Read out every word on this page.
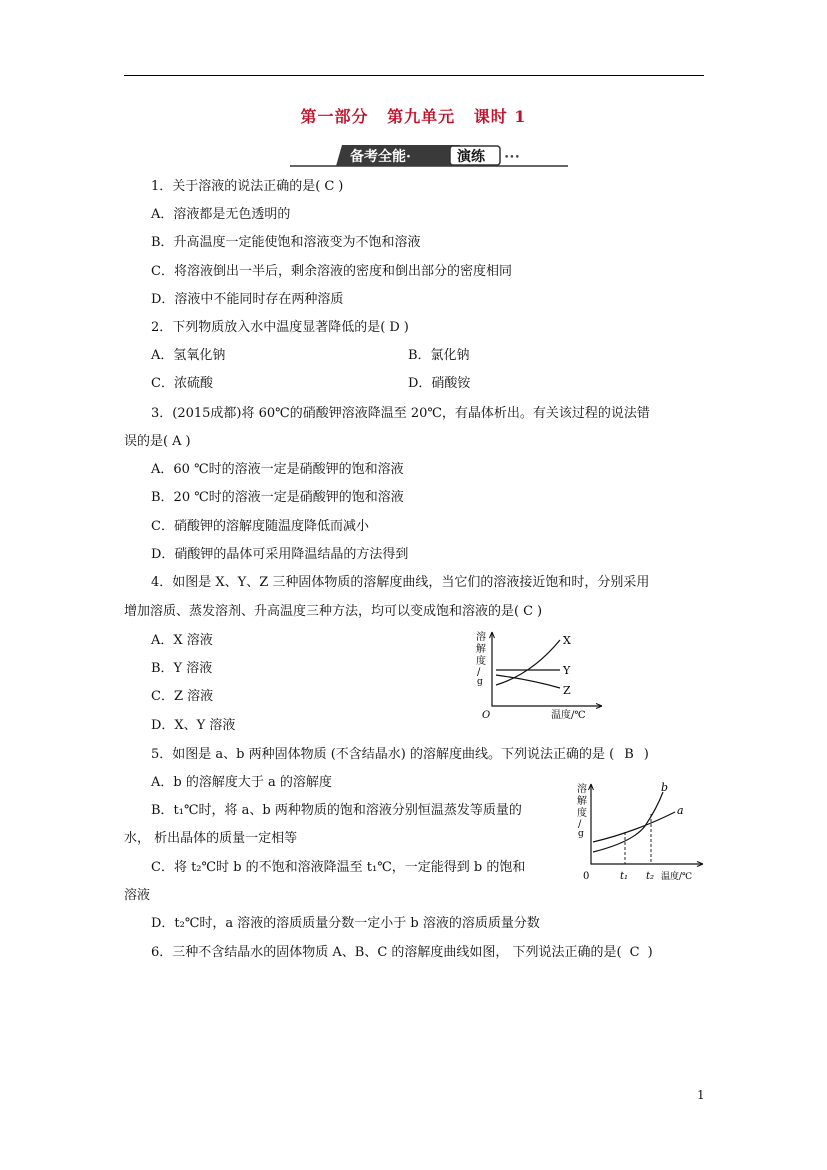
第一部分 第九单元 课时 1
备考全能·	演练 •••
1．关于溶液的说法正确的是( C )
A．溶液都是无色透明的
B．升高温度一定能使饱和溶液变为不饱和溶液
C．将溶液倒出一半后，剩余溶液的密度和倒出部分的密度相同
D．溶液中不能同时存在两种溶质
2．下列物质放入水中温度显著降低的是( D )
A．氢氧化钠	B．氯化钠
C．浓硫酸	D．硝酸铵
3．(2015成都)将 60℃的硝酸钾溶液降温至 20℃，有晶体析出。有关该过程的说法错
误的是( A )
A．60 ℃时的溶液一定是硝酸钾的饱和溶液
B．20 ℃时的溶液一定是硝酸钾的饱和溶液
C．硝酸钾的溶解度随温度降低而减小
D．硝酸钾的晶体可采用降温结晶的方法得到
4．如图是 X、Y、Z 三种固体物质的溶解度曲线，当它们的溶液接近饱和时，分别采用
增加溶质、蒸发溶剂、升高温度三种方法，均可以变成饱和溶液的是( C )
A．X 溶液
B．Y 溶液
C．Z 溶液
D．X、Y 溶液
溶
解
度
/
g
O	温度/℃
X
Y
Z
5．如图是 a、b 两种固体物质 (不含结晶水) 的溶解度曲线。下列说法正确的是 ( B )
A．b 的溶解度大于 a 的溶解度
B．t₁℃时，将 a、b 两种物质的饱和溶液分别恒温蒸发等质量的
水， 析出晶体的质量一定相等
C．将 t₂℃时 b 的不饱和溶液降温至 t₁℃，一定能得到 b 的饱和
溶液
D．t₂℃时，a 溶液的溶质质量分数一定小于 b 溶液的溶质质量分数
溶
解
度
/
g
0
b
a
t₁ t₂ 温度/℃
6．三种不含结晶水的固体物质 A、B、C 的溶解度曲线如图， 下列说法正确的是( C )
1
